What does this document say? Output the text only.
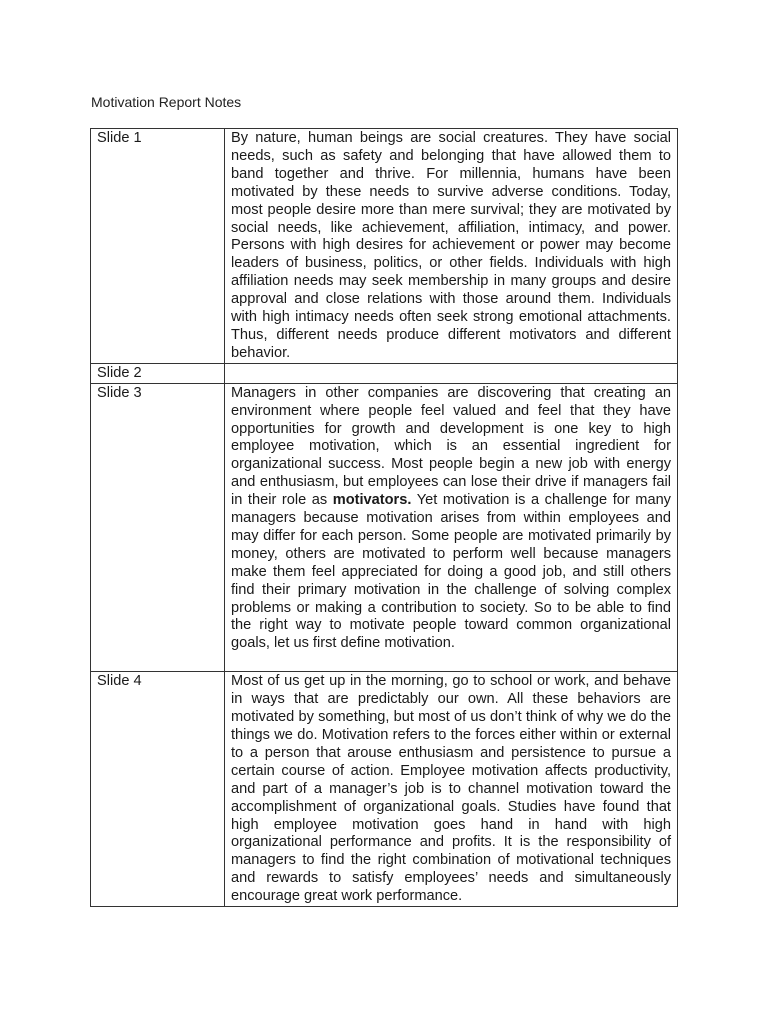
Motivation Report Notes
Slide 1	By nature, human beings are social creatures. They have social needs, such as safety and belonging that have allowed them to band together and thrive. For millennia, humans have been motivated by these needs to survive adverse conditions. Today, most people desire more than mere survival; they are motivated by social needs, like achievement, affiliation, intimacy, and power. Persons with high desires for achievement or power may become leaders of business, politics, or other fields. Individuals with high affiliation needs may seek membership in many groups and desire approval and close relations with those around them. Individuals with high intimacy needs often seek strong emotional attachments. Thus, different needs produce different motivators and different behavior.
Slide 2	
Slide 3	Managers in other companies are discovering that creating an environment where people feel valued and feel that they have opportunities for growth and development is one key to high employee motivation, which is an essential ingredient for organizational success. Most people begin a new job with energy and enthusiasm, but employees can lose their drive if managers fail in their role as motivators. Yet motivation is a challenge for many managers because motivation arises from within employees and may differ for each person. Some people are motivated primarily by money, others are motivated to perform well because managers make them feel appreciated for doing a good job, and still others find their primary motivation in the challenge of solving complex problems or making a contribution to society. So to be able to find the right way to motivate people toward common organizational goals, let us first define motivation.
Slide 4	Most of us get up in the morning, go to school or work, and behave in ways that are predictably our own. All these behaviors are motivated by something, but most of us don’t think of why we do the things we do. Motivation refers to the forces either within or external to a person that arouse enthusiasm and persistence to pursue a certain course of action. Employee motivation affects productivity, and part of a manager’s job is to channel motivation toward the accomplishment of organizational goals. Studies have found that high employee motivation goes hand in hand with high organizational performance and profits. It is the responsibility of managers to find the right combination of motivational techniques and rewards to satisfy employees’ needs and simultaneously encourage great work performance.
